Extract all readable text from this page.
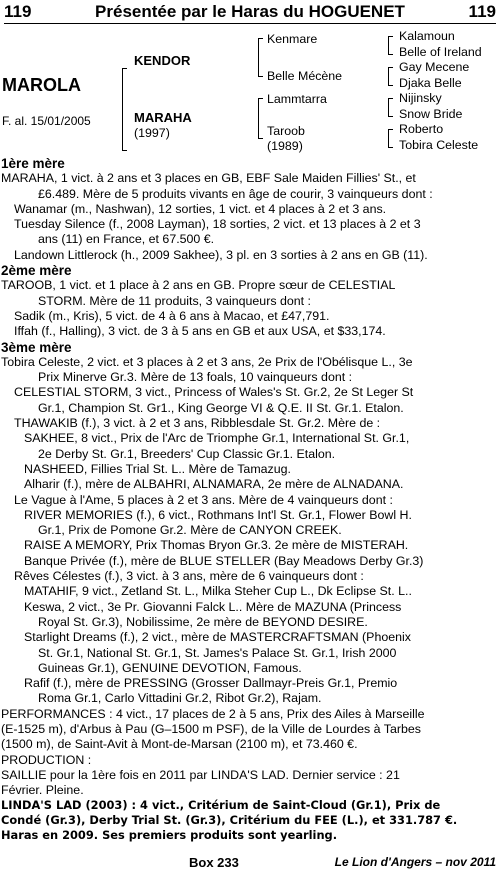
119	Présentée par le Haras du HOGUENET	119
MAROLA
F. al. 15/01/2005
KENDOR
MARAHA
(1997)
Kenmare
Belle Mécène
Lammtarra
Taroob
(1989)
Kalamoun
Belle of Ireland
Gay Mecene
Djaka Belle
Nijinsky
Snow Bride
Roberto
Tobira Celeste
1ère mère
MARAHA, 1 vict. à 2 ans et 3 places en GB, EBF Sale Maiden Fillies' St., et
£6.489. Mère de 5 produits vivants en âge de courir, 3 vainqueurs dont :
Wanamar (m., Nashwan), 12 sorties, 1 vict. et 4 places à 2 et 3 ans.
Tuesday Silence (f., 2008 Layman), 18 sorties, 2 vict. et 13 places à 2 et 3
ans (11) en France, et 67.500 €.
Landown Littlerock (h., 2009 Sakhee), 3 pl. en 3 sorties à 2 ans en GB (11).
2ème mère
TAROOB, 1 vict. et 1 place à 2 ans en GB. Propre sœur de CELESTIAL
STORM. Mère de 11 produits, 3 vainqueurs dont :
Sadik (m., Kris), 5 vict. de 4 à 6 ans à Macao, et £47,791.
Iffah (f., Halling), 3 vict. de 3 à 5 ans en GB et aux USA, et $33,174.
3ème mère
Tobira Celeste, 2 vict. et 3 places à 2 et 3 ans, 2e Prix de l'Obélisque L., 3e
Prix Minerve Gr.3. Mère de 13 foals, 10 vainqueurs dont :
CELESTIAL STORM, 3 vict., Princess of Wales's St. Gr.2, 2e St Leger St
Gr.1, Champion St. Gr1., King George VI & Q.E. II St. Gr.1. Etalon.
THAWAKIB (f.), 3 vict. à 2 et 3 ans, Ribblesdale St. Gr.2. Mère de :
SAKHEE, 8 vict., Prix de l'Arc de Triomphe Gr.1, International St. Gr.1,
2e Derby St. Gr.1, Breeders' Cup Classic Gr.1. Etalon.
NASHEED, Fillies Trial St. L.. Mère de Tamazug.
Alharir (f.), mère de ALBAHRI, ALNAMARA, 2e mère de ALNADANA.
Le Vague à l'Ame, 5 places à 2 et 3 ans. Mère de 4 vainqueurs dont :
RIVER MEMORIES (f.), 6 vict., Rothmans Int'l St. Gr.1, Flower Bowl H.
Gr.1, Prix de Pomone Gr.2. Mère de CANYON CREEK.
RAISE A MEMORY, Prix Thomas Bryon Gr.3. 2e mère de MISTERAH.
Banque Privée (f.), mère de BLUE STELLER (Bay Meadows Derby Gr.3)
Rêves Célestes (f.), 3 vict. à 3 ans, mère de 6 vainqueurs dont :
MATAHIF, 9 vict., Zetland St. L., Milka Steher Cup L., Dk Eclipse St. L..
Keswa, 2 vict., 3e Pr. Giovanni Falck L.. Mère de MAZUNA (Princess
Royal St. Gr.3), Nobilissime, 2e mère de BEYOND DESIRE.
Starlight Dreams (f.), 2 vict., mère de MASTERCRAFTSMAN (Phoenix
St. Gr.1, National St. Gr.1, St. James's Palace St. Gr.1, Irish 2000
Guineas Gr.1), GENUINE DEVOTION, Famous.
Rafif (f.), mère de PRESSING (Grosser Dallmayr-Preis Gr.1, Premio
Roma Gr.1, Carlo Vittadini Gr.2, Ribot Gr.2), Rajam.
PERFORMANCES : 4 vict., 17 places de 2 à 5 ans, Prix des Ailes à Marseille
(E-1525 m), d'Arbus à Pau (G–1500 m PSF), de la Ville de Lourdes à Tarbes
(1500 m), de Saint-Avit à Mont-de-Marsan (2100 m), et 73.460 €.
PRODUCTION :
SAILLIE pour la 1ère fois en 2011 par LINDA'S LAD. Dernier service : 21
Février. Pleine.
LINDA'S LAD (2003) : 4 vict., Critérium de Saint-Cloud (Gr.1), Prix de
Condé (Gr.3), Derby Trial St. (Gr.3), Critérium du FEE (L.), et 331.787 €.
Haras en 2009. Ses premiers produits sont yearling.
Box 233	Le Lion d'Angers – nov 2011
